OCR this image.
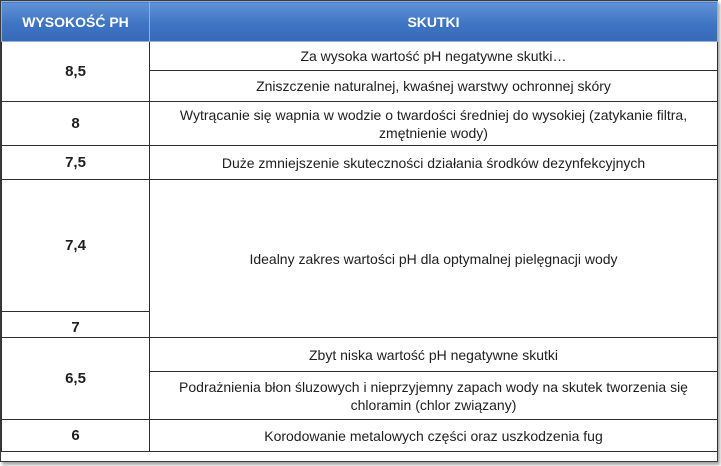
WYSOKOŚĆ PH	SKUTKI
8,5	Za wysoka wartość pH negatywne skutki…
	Zniszczenie naturalnej, kwaśnej warstwy ochronnej skóry
8	Wytrącanie się wapnia w wodzie o twardości średniej do wysokiej (zatykanie filtra, zmętnienie wody)
7,5	Duże zmniejszenie skuteczności działania środków dezynfekcyjnych
7,4	Idealny zakres wartości pH dla optymalnej pielęgnacji wody
7	
6,5	Zbyt niska wartość pH negatywne skutki
	Podrażnienia błon śluzowych i nieprzyjemny zapach wody na skutek tworzenia się chloramin (chlor związany)
6	Korodowanie metalowych części oraz uszkodzenia fug
